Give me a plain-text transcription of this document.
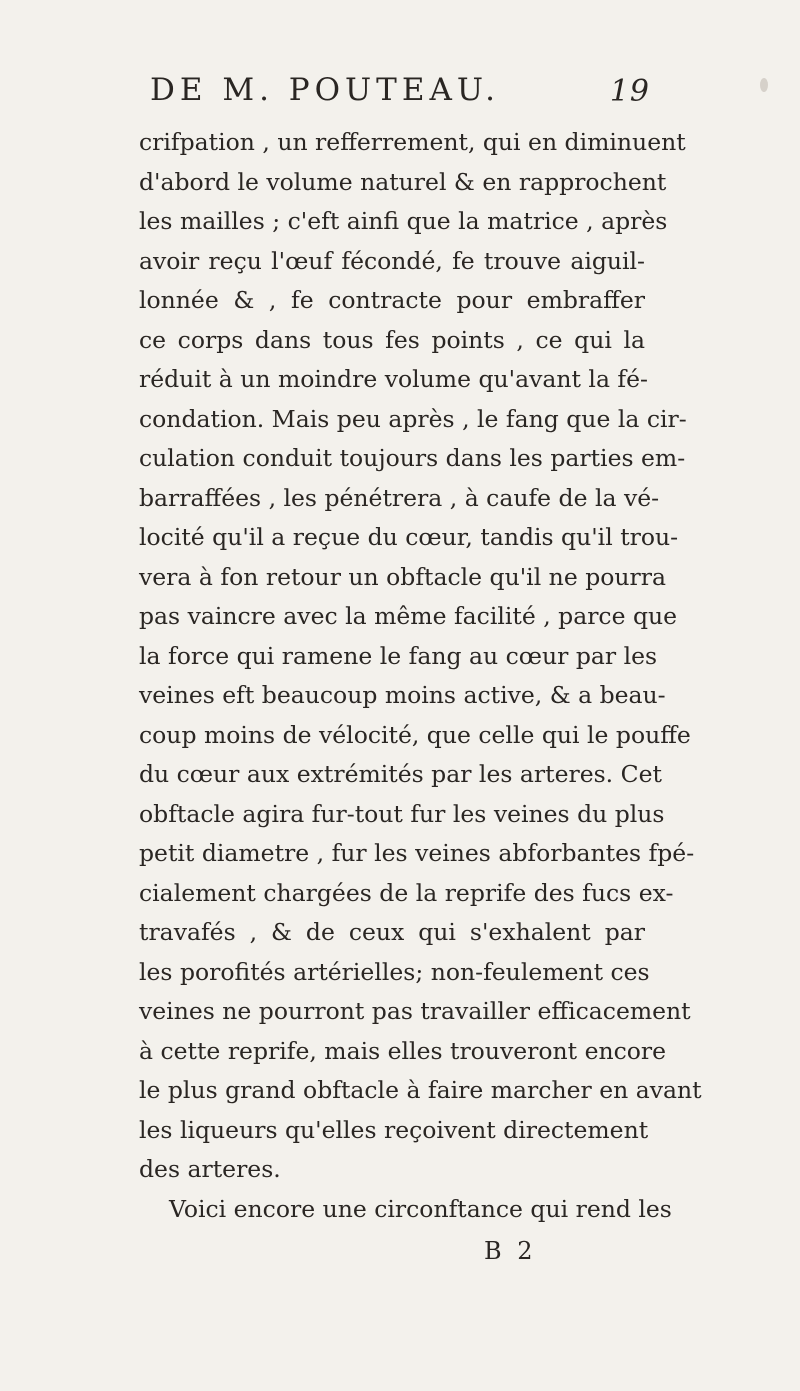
DE M. POUTEAU.	19
crifpation , un refferrement, qui en diminuent
d'abord le volume naturel & en rapprochent
les mailles ; c'eft ainfi que la matrice , après
avoir reçu l'œuf fécondé, fe trouve aiguil-
lonnée & , fe contracte pour embraffer
ce corps dans tous fes points , ce qui la
réduit à un moindre volume qu'avant la fé-
condation. Mais peu après , le fang que la cir-
culation conduit toujours dans les parties em-
barraffées , les pénétrera , à caufe de la vé-
locité qu'il a reçue du cœur, tandis qu'il trou-
vera à fon retour un obftacle qu'il ne pourra
pas vaincre avec la même facilité , parce que
la force qui ramene le fang au cœur par les
veines eft beaucoup moins active, & a beau-
coup moins de vélocité, que celle qui le pouffe
du cœur aux extrémités par les arteres. Cet
obftacle agira fur-tout fur les veines du plus
petit diametre , fur les veines abforbantes fpé-
cialement chargées de la reprife des fucs ex-
travafés , & de ceux qui s'exhalent par
les porofités artérielles; non-feulement ces
veines ne pourront pas travailler efficacement
à cette reprife, mais elles trouveront encore
le plus grand obftacle à faire marcher en avant
les liqueurs qu'elles reçoivent directement
des arteres.
Voici encore une circonftance qui rend les
B 2
